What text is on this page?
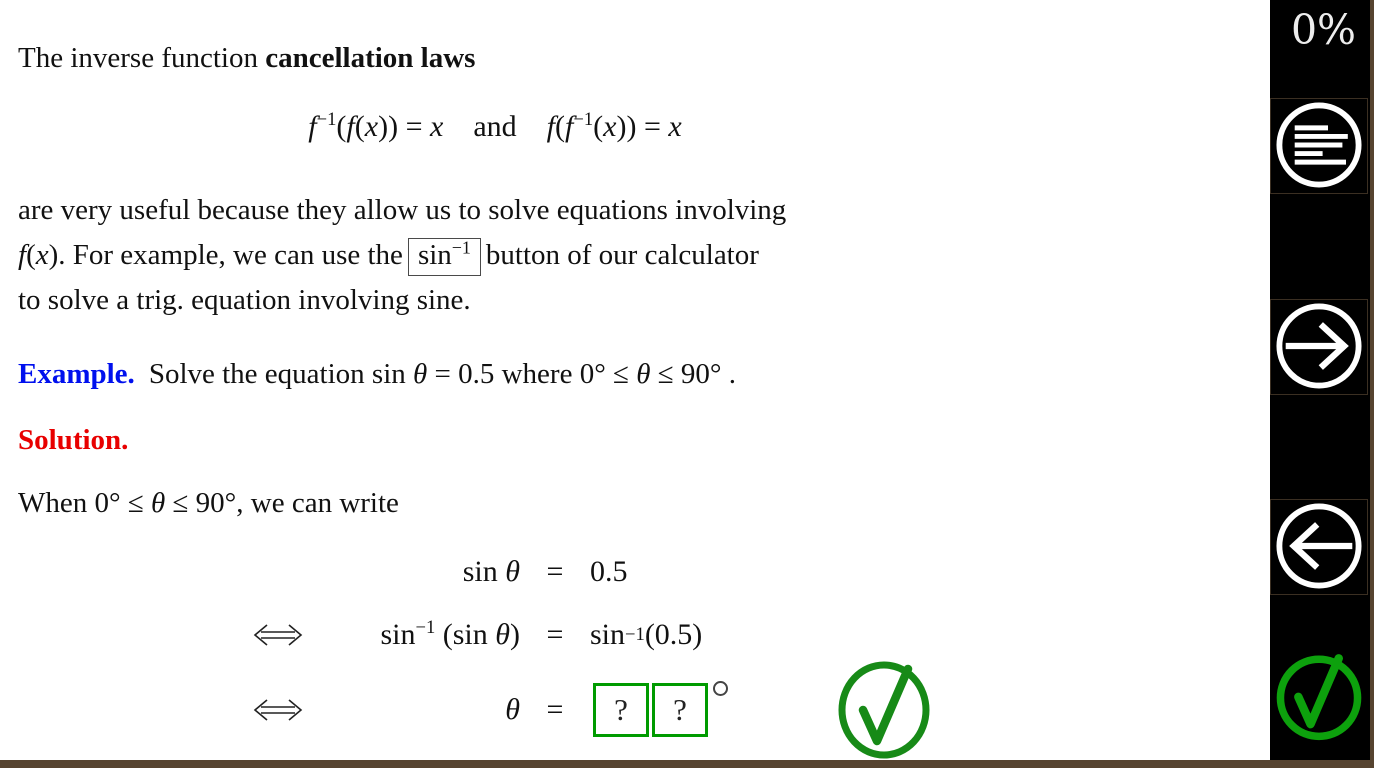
The inverse function cancellation laws
$f^{-1}(f(x)) = x$ and $f(f^{-1}(x)) = x$
are very useful because they allow us to solve equations involving
f(x). For example, we can use the $\sin^{-1}$ button of our calculator
to solve a trig. equation involving sine.
Example. Solve the equation sin θ = 0.5 where 0° ≤ θ ≤ 90° .
Solution.
When 0° ≤ θ ≤ 90°, we can write
sin θ = 0.5
$\sin^{-1} (\sin$ θ) = sin −1 (0.5)
θ =	?	?
0%
